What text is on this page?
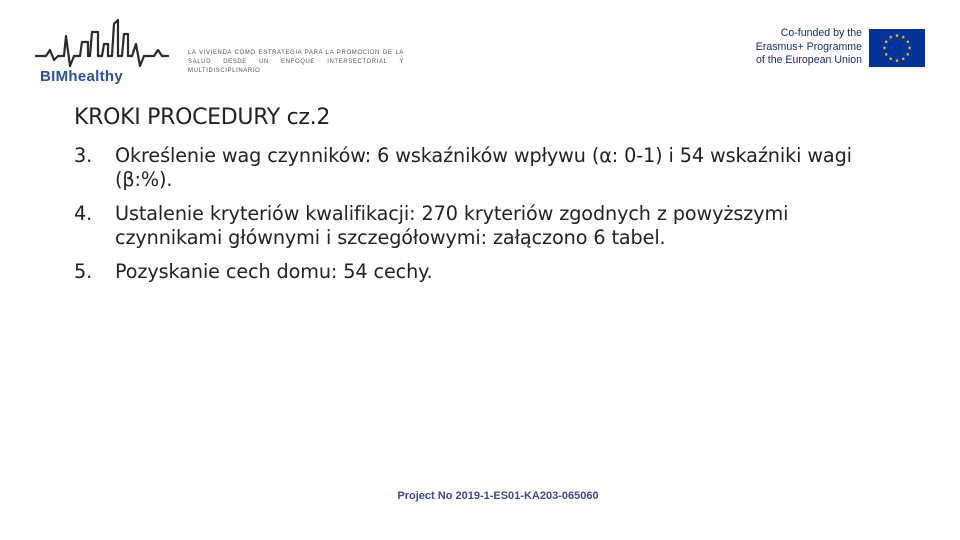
BIMhealthy
LA VIVIENDA COMO ESTRATEGIA PARA LA PROMOCION DE LA SALUD DESDE UN ENFOQUE INTERSECTORIAL Y MULTIDISCIPLINARIO
Co-funded by the
Erasmus+ Programme
of the European Union
KROKI PROCEDURY cz.2
3. Określenie wag czynników: 6 wskaźników wpływu (α: 0-1) i 54 wskaźniki wagi (β:%).
4. Ustalenie kryteriów kwalifikacji: 270 kryteriów zgodnych z powyższymi czynnikami głównymi i szczegółowymi: załączono 6 tabel.
5. Pozyskanie cech domu: 54 cechy.
Project No 2019-1-ES01-KA203-065060
